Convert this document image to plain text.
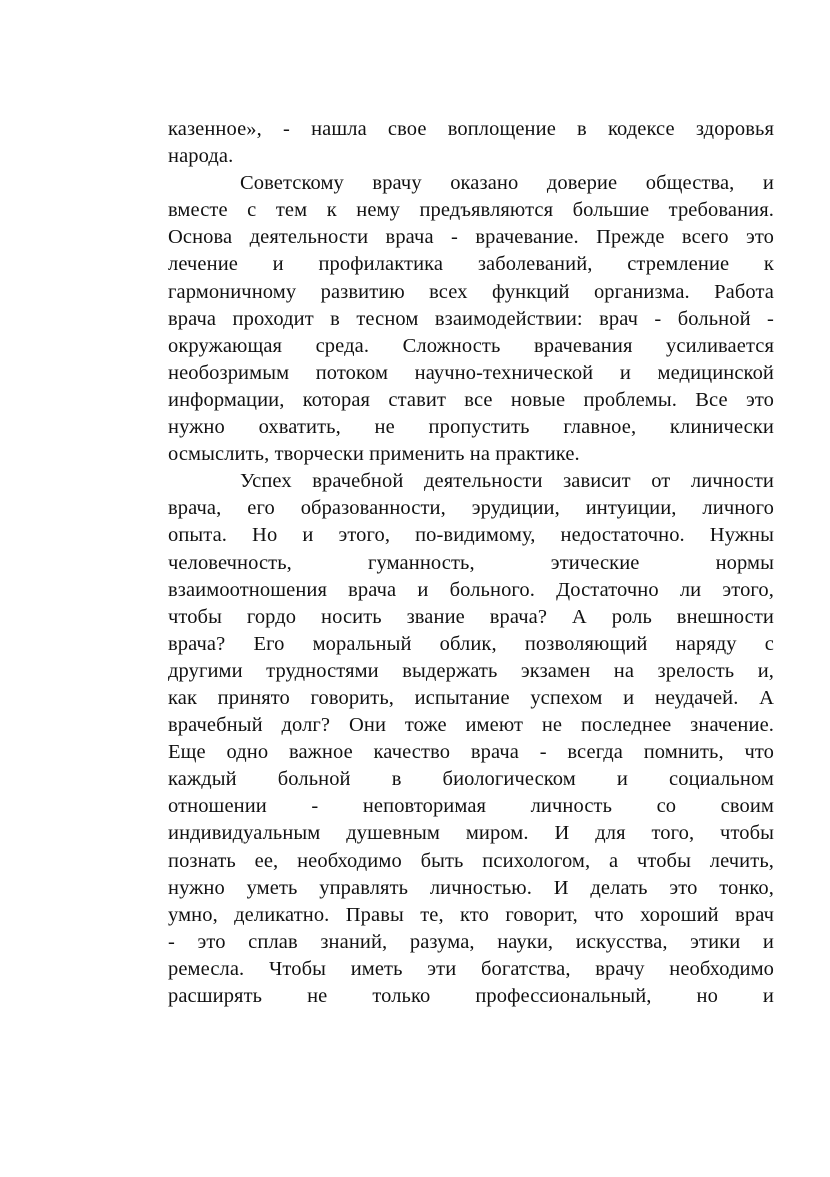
казенное», - нашла свое воплощение в кодексе здоровья
народа.
Советскому врачу оказано доверие общества, и
вместе с тем к нему предъявляются большие требования.
Основа деятельности врача - врачевание. Прежде всего это
лечение и профилактика заболеваний, стремление к
гармоничному развитию всех функций организма. Работа
врача проходит в тесном взаимодействии: врач - больной -
окружающая среда. Сложность врачевания усиливается
необозримым потоком научно-технической и медицинской
информации, которая ставит все новые проблемы. Все это
нужно охватить, не пропустить главное, клинически
осмыслить, творчески применить на практике.
Успех врачебной деятельности зависит от личности
врача, его образованности, эрудиции, интуиции, личного
опыта. Но и этого, по-видимому, недостаточно. Нужны
человечность, гуманность, этические нормы
взаимоотношения врача и больного. Достаточно ли этого,
чтобы гордо носить звание врача? А роль внешности
врача? Его моральный облик, позволяющий наряду с
другими трудностями выдержать экзамен на зрелость и,
как принято говорить, испытание успехом и неудачей. А
врачебный долг? Они тоже имеют не последнее значение.
Еще одно важное качество врача - всегда помнить, что
каждый больной в биологическом и социальном
отношении - неповторимая личность со своим
индивидуальным душевным миром. И для того, чтобы
познать ее, необходимо быть психологом, а чтобы лечить,
нужно уметь управлять личностью. И делать это тонко,
умно, деликатно. Правы те, кто говорит, что хороший врач
- это сплав знаний, разума, науки, искусства, этики и
ремесла. Чтобы иметь эти богатства, врачу необходимо
расширять не только профессиональный, но и
